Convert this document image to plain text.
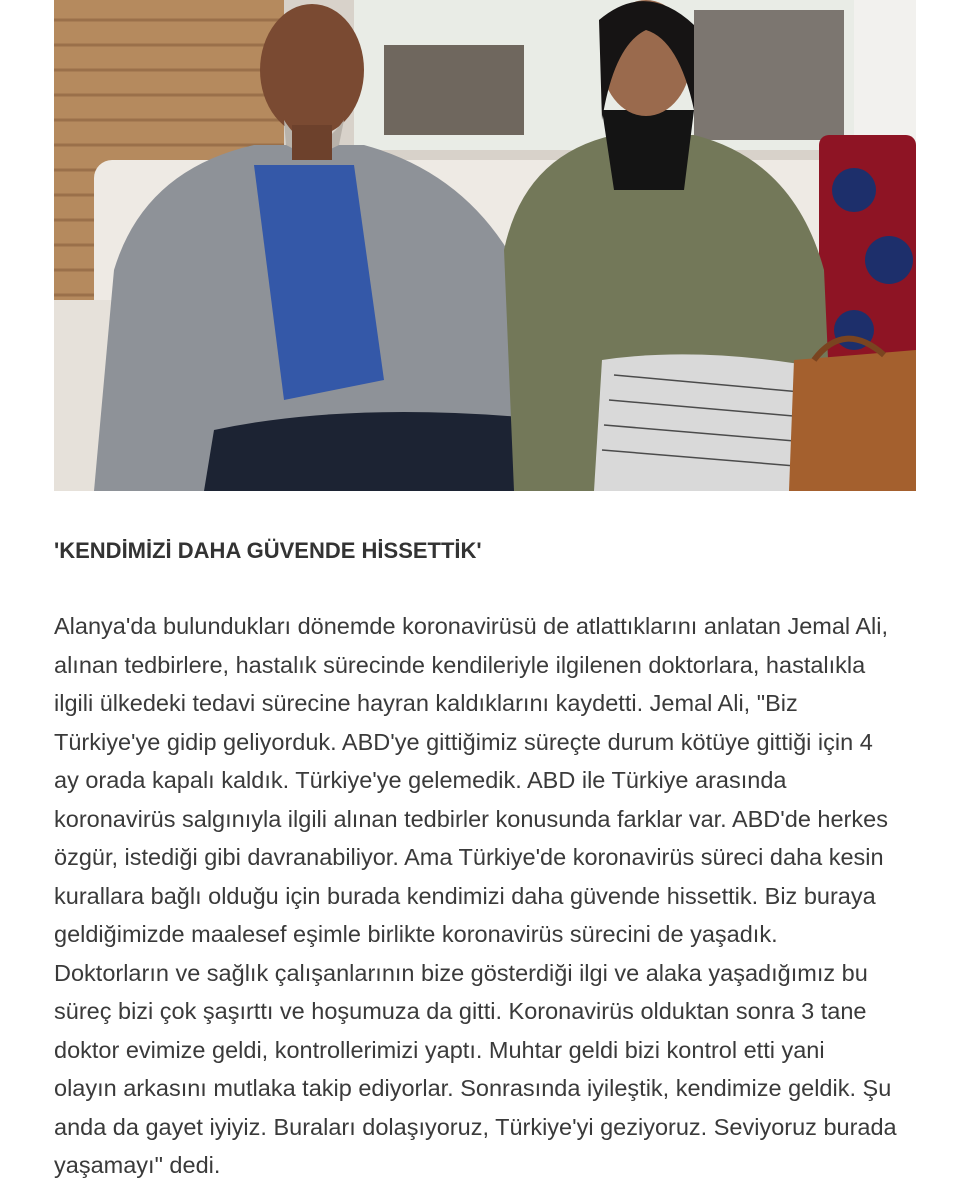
'KENDİMİZİ DAHA GÜVENDE HİSSETTİK'

Alanya'da bulundukları dönemde koronavirüsü de atlattıklarını anlatan Jemal Ali,
alınan tedbirlere, hastalık sürecinde kendileriyle ilgilenen doktorlara, hastalıkla
ilgili ülkedeki tedavi sürecine hayran kaldıklarını kaydetti. Jemal Ali, "Biz
Türkiye'ye gidip geliyorduk. ABD'ye gittiğimiz süreçte durum kötüye gittiği için 4
ay orada kapalı kaldık. Türkiye'ye gelemedik. ABD ile Türkiye arasında
koronavirüs salgınıyla ilgili alınan tedbirler konusunda farklar var. ABD'de herkes
özgür, istediği gibi davranabiliyor. Ama Türkiye'de koronavirüs süreci daha kesin
kurallara bağlı olduğu için burada kendimizi daha güvende hissettik. Biz buraya
geldiğimizde maalesef eşimle birlikte koronavirüs sürecini de yaşadık.
Doktorların ve sağlık çalışanlarının bize gösterdiği ilgi ve alaka yaşadığımız bu
süreç bizi çok şaşırttı ve hoşumuza da gitti. Koronavirüs olduktan sonra 3 tane
doktor evimize geldi, kontrollerimizi yaptı. Muhtar geldi bizi kontrol etti yani
olayın arkasını mutlaka takip ediyorlar. Sonrasında iyileştik, kendimize geldik. Şu
anda da gayet iyiyiz. Buraları dolaşıyoruz, Türkiye'yi geziyoruz. Seviyoruz burada
yaşamayı" dedi.
